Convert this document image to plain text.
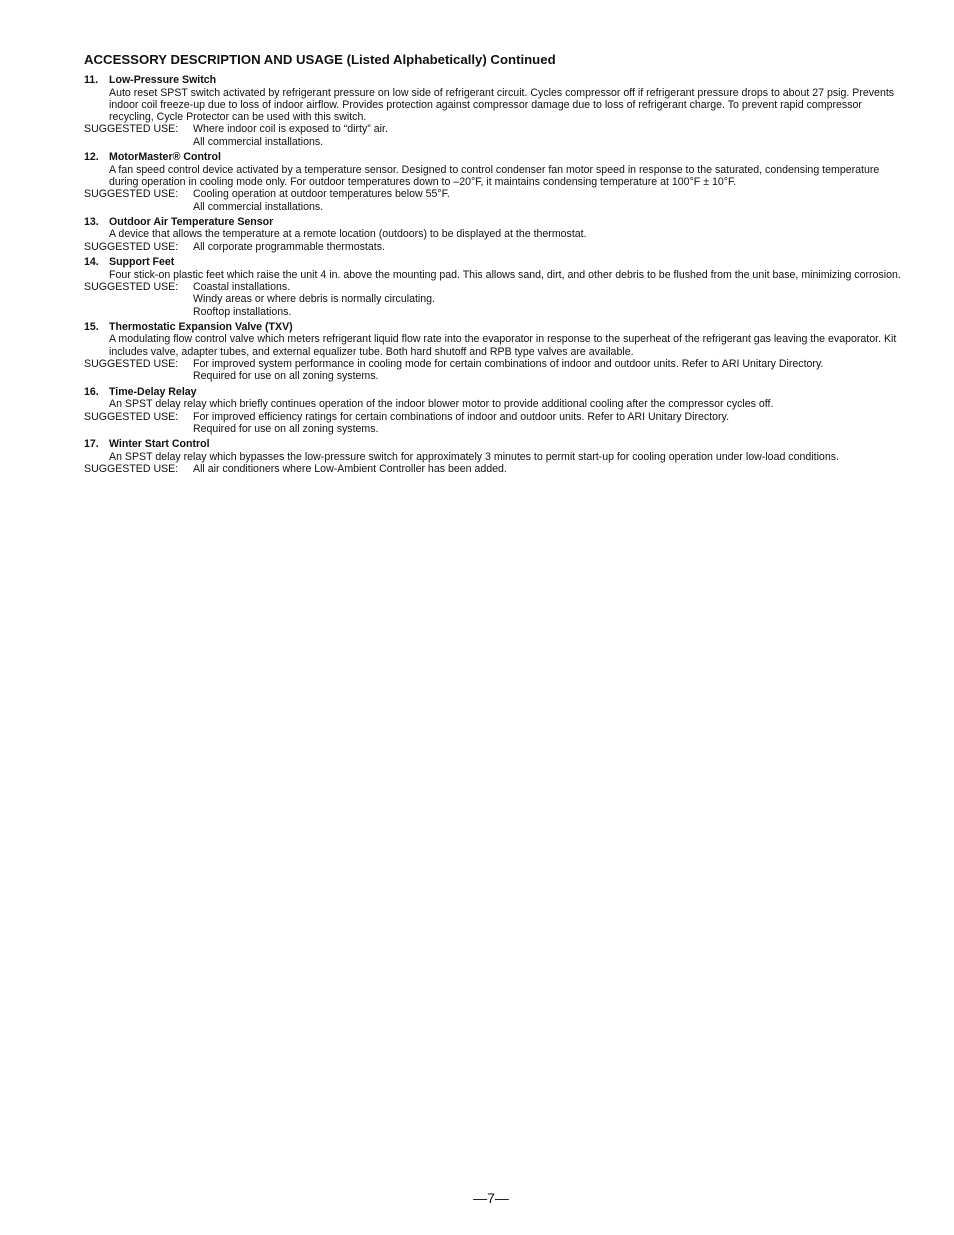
ACCESSORY DESCRIPTION AND USAGE (Listed Alphabetically) Continued
11.	Low-Pressure Switch
Auto reset SPST switch activated by refrigerant pressure on low side of refrigerant circuit. Cycles compressor off if refrigerant pressure drops to about 27 psig. Prevents indoor coil freeze-up due to loss of indoor airflow. Provides protection against compressor damage due to loss of refrigerant charge. To prevent rapid compressor recycling, Cycle Protector can be used with this switch.
SUGGESTED USE:	Where indoor coil is exposed to “dirty” air.
All commercial installations.
12. MotorMaster® Control
A fan speed control device activated by a temperature sensor. Designed to control condenser fan motor speed in response to the saturated, condensing temperature during operation in cooling mode only. For outdoor temperatures down to –20°F, it maintains condensing temperature at 100°F ± 10°F.
SUGGESTED USE:	Cooling operation at outdoor temperatures below 55°F.
All commercial installations.
13. Outdoor Air Temperature Sensor
A device that allows the temperature at a remote location (outdoors) to be displayed at the thermostat.
SUGGESTED USE:	All corporate programmable thermostats.
14. Support Feet
Four stick-on plastic feet which raise the unit 4 in. above the mounting pad. This allows sand, dirt, and other debris to be flushed from the unit base, minimizing corrosion.
SUGGESTED USE:	Coastal installations.
Windy areas or where debris is normally circulating.
Rooftop installations.
15. Thermostatic Expansion Valve (TXV)
A modulating flow control valve which meters refrigerant liquid flow rate into the evaporator in response to the superheat of the refrigerant gas leaving the evaporator. Kit includes valve, adapter tubes, and external equalizer tube. Both hard shutoff and RPB type valves are available.
SUGGESTED USE:	For improved system performance in cooling mode for certain combinations of indoor and outdoor units. Refer to ARI Unitary Directory.
Required for use on all zoning systems.
16. Time-Delay Relay
An SPST delay relay which briefly continues operation of the indoor blower motor to provide additional cooling after the compressor cycles off.
SUGGESTED USE:	For improved efficiency ratings for certain combinations of indoor and outdoor units. Refer to ARI Unitary Directory.
Required for use on all zoning systems.
17. Winter Start Control
An SPST delay relay which bypasses the low-pressure switch for approximately 3 minutes to permit start-up for cooling operation under low-load conditions.
SUGGESTED USE:	All air conditioners where Low-Ambient Controller has been added.
—7—
